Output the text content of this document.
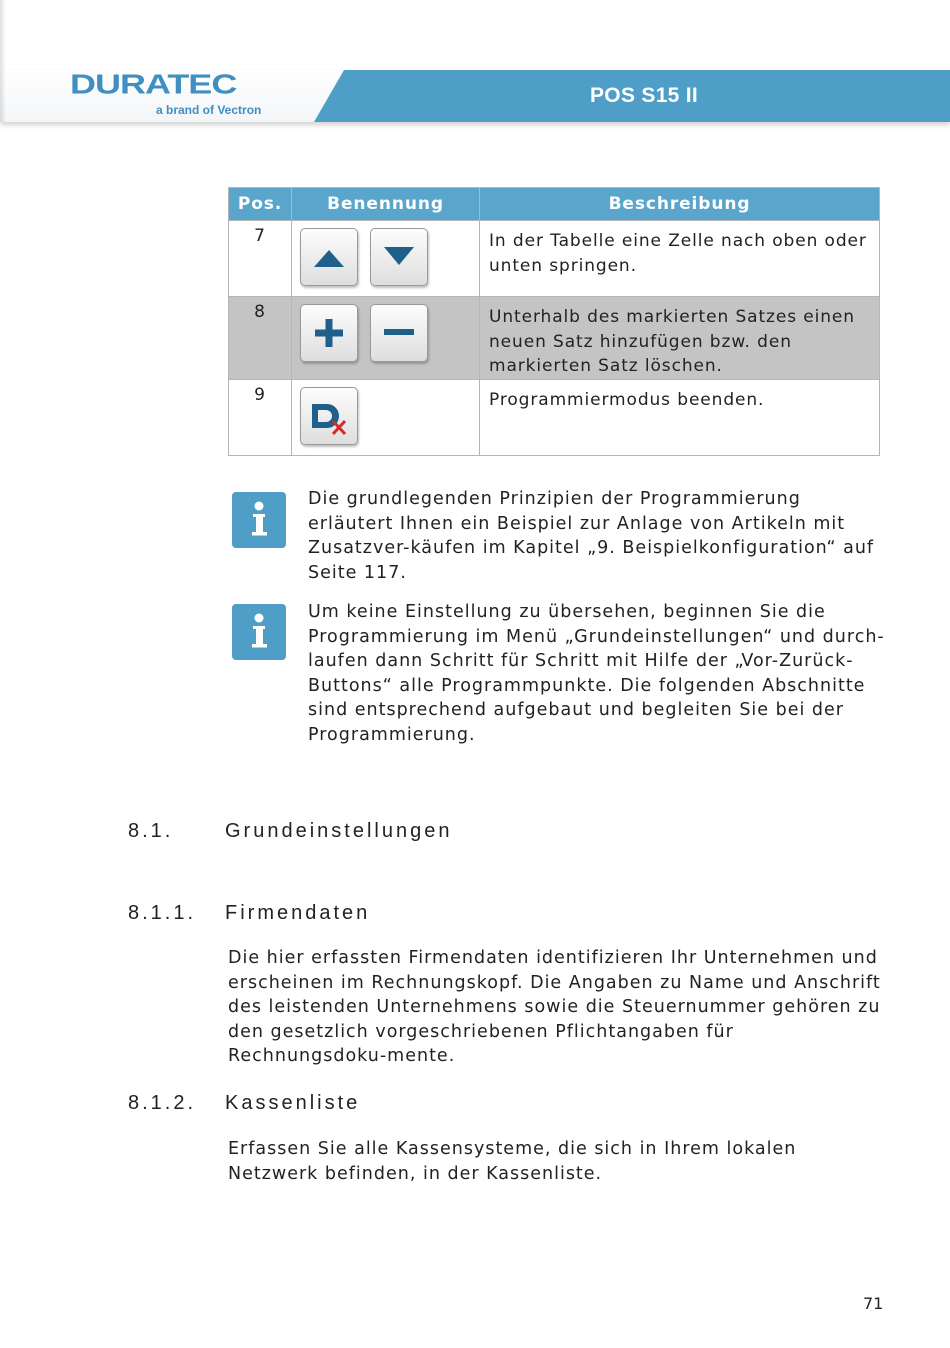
DURATEC
a brand of Vectron
POS S15 II
Pos.	Benennung	Beschreibung

7		In der Tabelle eine Zelle nach oben oder unten springen.

8		Unterhalb des markierten Satzes einen neuen Satz hinzufügen bzw. den markierten Satz löschen.

9		Programmiermodus beenden.
Die grundlegenden Prinzipien der Programmierung erläutert Ihnen ein Beispiel zur Anlage von Artikeln mit Zusatzver-käufen im Kapitel „9. Beispielkonfiguration“ auf Seite 117.
Um keine Einstellung zu übersehen, beginnen Sie die Programmierung im Menü „Grundeinstellungen“ und durch-laufen dann Schritt für Schritt mit Hilfe der „Vor-Zurück-Buttons“ alle Programmpunkte. Die folgenden Abschnitte sind entsprechend aufgebaut und begleiten Sie bei der Programmierung.
8.1.	Grundeinstellungen
8.1.1. Firmendaten
Die hier erfassten Firmendaten identifizieren Ihr Unternehmen und erscheinen im Rechnungskopf. Die Angaben zu Name und Anschrift des leistenden Unternehmens sowie die Steuernummer gehören zu den gesetzlich vorgeschriebenen Pflichtangaben für Rechnungsdoku-mente.
8.1.2. Kassenliste
Erfassen Sie alle Kassensysteme, die sich in Ihrem lokalen Netzwerk befinden, in der Kassenliste.
71
